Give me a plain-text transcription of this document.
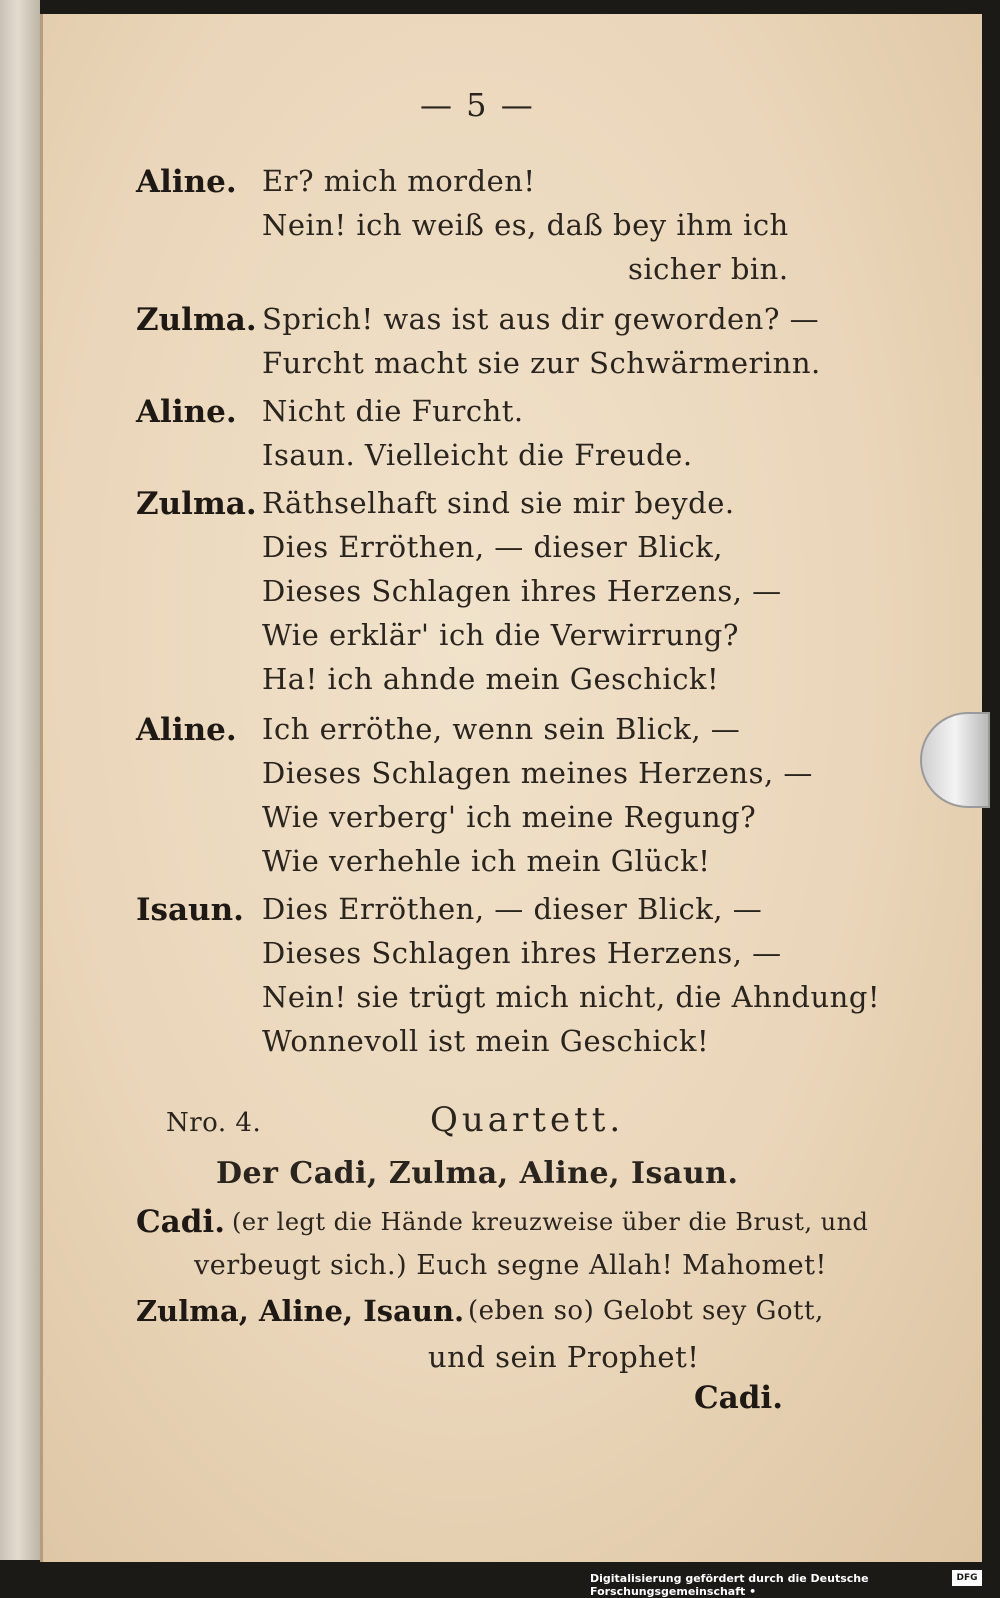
— 5 —
Aline. Er? mich morden!
Nein! ich weiß es, daß bey ihm ich
sicher bin.
Zulma. Sprich! was ist aus dir geworden? —
Furcht macht sie zur Schwärmerinn.
Aline. Nicht die Furcht.
Isaun. Vielleicht die Freude.
Zulma. Räthselhaft sind sie mir beyde.
Dies Erröthen, — dieser Blick,
Dieses Schlagen ihres Herzens, —
Wie erklär' ich die Verwirrung?
Ha! ich ahnde mein Geschick!
Aline. Ich erröthe, wenn sein Blick, —
Dieses Schlagen meines Herzens, —
Wie verberg' ich meine Regung?
Wie verhehle ich mein Glück!
Isaun. Dies Erröthen, — dieser Blick, —
Dieses Schlagen ihres Herzens, —
Nein! sie trügt mich nicht, die Ahndung!
Wonnevoll ist mein Geschick!
Nro. 4.	Quartett.
Der Cadi, Zulma, Aline, Isaun.
Cadi. (er legt die Hände kreuzweise über die Brust, und
verbeugt sich.) Euch segne Allah! Mahomet!
Zulma, Aline, Isaun. (eben so) Gelobt sey Gott,
und sein Prophet!
Cadi.
Digitalisierung gefördert durch die Deutsche Forschungsgemeinschaft •
DFG
